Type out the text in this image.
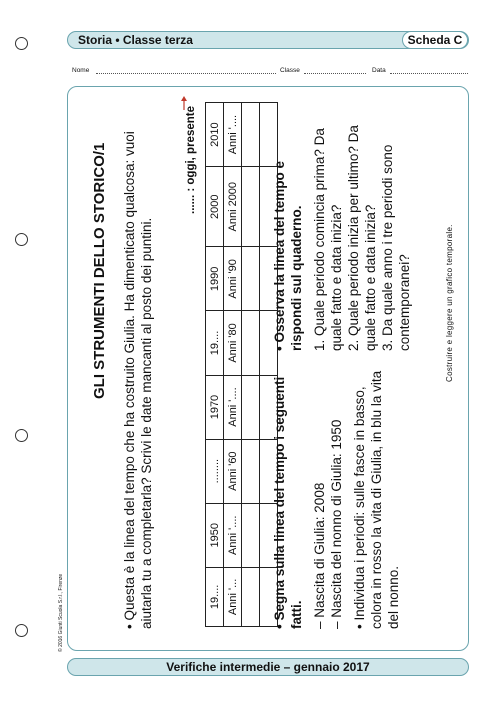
Storia • Classe terza	Scheda C
Nome	Classe	Data
GLI STRUMENTI DELLO STORICO/1 • Questa è la linea del tempo che ha costruito Giulia. Ha dimenticato qualcosa: vuoi aiutarla tu a completarla? Scrivi le date mancanti al posto dei puntini.
...... : oggi, presente
19....	1950	........	1970	19....	1990	2000	2010
Anni '...	Anni '....	Anni '60	Anni '....	Anni '80	Anni '90	Anni 2000	Anni '....

• Segna sulla linea del tempo i seguenti fatti. – Nascita di Giulia: 2008 – Nascita del nonno di Giulia: 1950 • Individua i periodi: sulle fasce in basso, colora in rosso la vita di Giulia, in blu la vita del nonno.
• Osserva la linea del tempo e rispondi sul quaderno. 1. Quale periodo comincia prima? Da quale fatto e data inizia? 2. Quale periodo inizia per ultimo? Da quale fatto e data inizia? 3. Da quale anno i tre periodi sono contemporanei?	Costruire e leggere un grafico temporale.
© 2016 Giunti Scuola S.r.l., Firenze
Verifiche intermedie – gennaio 2017
